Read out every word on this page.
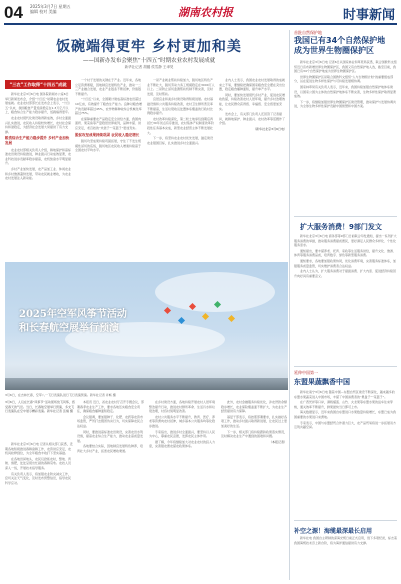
04 2025年3月7日 星期五
编辑 校对 美编	湖南农村报	时事新闻
饭碗端得更牢 乡村更加和美
——国新办发布会聚焦“十四五”时期农业农村发展成就
新华社记者 胡璐 侯雪静 王聿昊
“三农”工作取得“十四五”成就

新华社北京3月6日电 国务院新闻办公室6日举行新闻发布会，介绍“十四五”时期农业农村发展成就。农业农村部部长在发布会上表示，“十四五”以来，我国粮食产量连续稳定在1.3万亿斤以上，粮食综合生产能力稳步提升，饭碗端得更牢。

农业农村现代化建设取得新成效，乡村全面振兴扎实推进，农民收入持续较快增长，农村社会保持和谐稳定，为经济社会发展大局提供了有力支撑。

粮食综合生产能力稳步提升 乡村产业加快发展

农业农村部相关负责人介绍，耕地保护和高标准农田建设持续推进，种业振兴行动成效显著，农业科技进步贡献率稳步提高，农机装备水平明显提升。

乡村产业加快发展，农产品加工业、休闲农业和乡村旅游蓬勃发展，带动农民就业增收，为农业农村发展注入新动能。

一个村子发展的关键在于产业。近年来，各地立足资源禀赋，因地制宜发展特色产业，推动一二三产业融合发展，农业产业链条不断延伸，价值链不断提升。

“十四五”以来，全国累计建成高标准农田超过10亿亩，有效提升了粮食生产能力。良种对粮食增产的贡献率超过45%，农作物耕种收综合机械化率超过75%。

在保障重要农产品稳定安全供给方面，我国肉蛋奶、果菜鱼等产量稳居世界前列，品种丰富、供应充足，老百姓的“米袋子”“菜篮子”更加充实。

脱贫攻坚成果持续巩固 农民收入稳定增长

脱贫攻坚成果持续巩固拓展，守住了不发生规模性返贫的底线，脱贫地区农民收入增速持续高于全国农村平均水平。

一是产业就业帮扶持续加力，脱贫地区特色产业不断壮大，脱贫劳动力务工规模稳定在3000万人以上。二是防止返贫监测帮扶机制不断完善，及时发现、及时帮扶。

宜居宜业和美乡村建设取得积极进展。农村基础设施和公共服务持续改善，农村卫生厕所普及率不断提高，生活垃圾收运处置体系覆盖的行政村比例稳步提升。

农村改革持续深化，第二轮土地承包到期后再延长30年试点有序推进，农村集体产权制度改革阶段性任务基本完成，新型农业经营主体不断发展壮大。

下一步，将坚持农业农村优先发展，锚定建设农业强国目标，扎实推进乡村全面振兴。

业内人士表示，我国农业农村发展取得的成就来之不易，要继续把确保国家粮食安全摆在突出位置，稳定粮食播种面积，提升单产水平。

同时，要加快发展现代乡村产业，促进农民增收致富，持续改善农村人居环境，提升乡村治理效能，让农民群众获得感、幸福感、安全感更加充实。

发布会上，有关部门负责人还回答了记者提问，就耕地保护、种业振兴、农村改革等话题作了介绍。

（新华社北京3月6日电）

2025年空军风筝节活动
和长春航空展举行预演
3月6日，在吉林长春，空军八一飞行表演队进行飞行表演预演。新华社记者 许畅 摄
3月6日，人们在长春“风筝节”活动现场放飞风筝，感受春天的气息。当日，长春航空展举行预演，多支飞行表演队在空中展示精彩表演。新华社记者 张楠 摄

新华社北京3月6日电 记者从相关部门获悉，近期各地积极推进春耕备耕工作，农资供应充足，农机具检修到位，为全年粮食丰收打下坚实基础。

在各地田间地头，农民们抢抓农时，整地、育秧、施肥，处处呈现出忙碌的春耕景象。农技人员深入一线，开展技术指导服务。

有关负责人表示，将加强农业防灾减灾工作，密切关注天气变化，及时发布预警信息，指导农民科学应对。

本报讯 近日，省农业农村厅召开专题会议，部署春季农业生产工作，要求各地压实粮食安全责任，确保粮食播种面积稳定。

会议强调，要加强种子、化肥、农药等农资市场监管，严厉打击假冒伪劣行为，切实保障农民合法权益。

同时，要推进高标准农田建设，完善农田水利设施，提高农业综合生产能力，推动农业高质量发展。

各地要结合实际，因地制宜发展特色种养，培育壮大乡村产业，拓宽农民增收渠道。

在乡村建设方面，各地持续开展农村人居环境整治提升行动，推进农村厕所革命、生活污水和垃圾治理，村容村貌明显改善。

农村公共服务水平不断提升，教育、医疗、养老等资源向农村延伸，城乡基本公共服务均等化稳步推进。

专家指出，推进乡村全面振兴，要坚持以人民为中心，尊重农民意愿，发挥农民主体作用。

据了解，今年将继续加大对农业农村的投入力度，完善强农惠农富农政策体系。

此外，农村金融服务持续优化，涉农贷款余额稳步增长，农业保险覆盖面不断扩大，为农业生产经营提供有力保障。

基层干部表示，将按照部署要求，扎实做好各项工作，推动乡村振兴取得新进展，让农民过上更加美好的生活。

下一步，相关部门将持续跟踪政策落实情况，及时解决农业生产中遇到的困难和问题。

（本报记者）

首批自然保护地
我国已有34个自然保护地
成为世界生物圈保护区

新华社北京3月6日电 记者6日从国家林业和草原局获悉，联合国教科文组织近日宣布新增世界生物圈保护区，我国又有自然保护地入选，截至目前，我国已有34个自然保护地成为世界生物圈保护区。

世界生物圈保护区是联合国教科文组织“人与生物圈计划”的重要组成部分，旨在促进生物多样性保护与可持续发展相协调。

国家林草局有关负责人表示，近年来，我国持续加强自然保护地体系建设，以国家公园为主体的自然保护地体系不断完善，生物多样性保护取得显著成效。

下一步，将继续加强世界生物圈保护区建设管理，推动保护与发展协调共进，为全球生物多样性保护贡献中国智慧和中国方案。

扩大服务消费！9部门发文

新华社北京3月6日电 商务部等9部门日前联合印发通知，提出一系列扩大服务消费的举措，推动服务消费提质惠民，更好满足人民群众多样化、个性化服务需求。

通知提出，要丰富养老、托育、家政等生活服务供给，提升文化、旅游、体育等服务消费品质，培育数字、绿色等新型服务消费。

通知要求，各地要加强政策协同，优化消费环境，完善服务标准体系，加强服务质量监管，切实维护消费者合法权益。

业内人士认为，扩大服务消费对于提振消费、扩大内需、促进经济持续回升向好具有重要意义。

延伸中国第一
东盟果蔬飘香中国

新华社南宁3月6日电 随着中国—东盟自贸区建设不断深化，越来越多的东盟水果蔬菜进入中国市场，丰富了中国消费者的“果盘子”“菜篮子”。

在广西凭祥等口岸，满载榴莲、山竹、火龙果等东盟水果的货车往来穿梭，通关效率不断提升，鲜果最快当日即可上市。

海关数据显示，近年来我国自东盟进口水果数量持续增长，东盟已成为我国重要的水果进口来源地。

专家表示，中国与东盟经贸合作潜力巨大，农产品贸易将进一步拓展双方互利共赢空间。

补空之源！海缆最深最长启用

新华社电 我国自主研制的深海光缆日前正式启用，创下多项纪录，标志着我国海缆技术迈上新台阶，将为海洋通信提供有力支撑。
